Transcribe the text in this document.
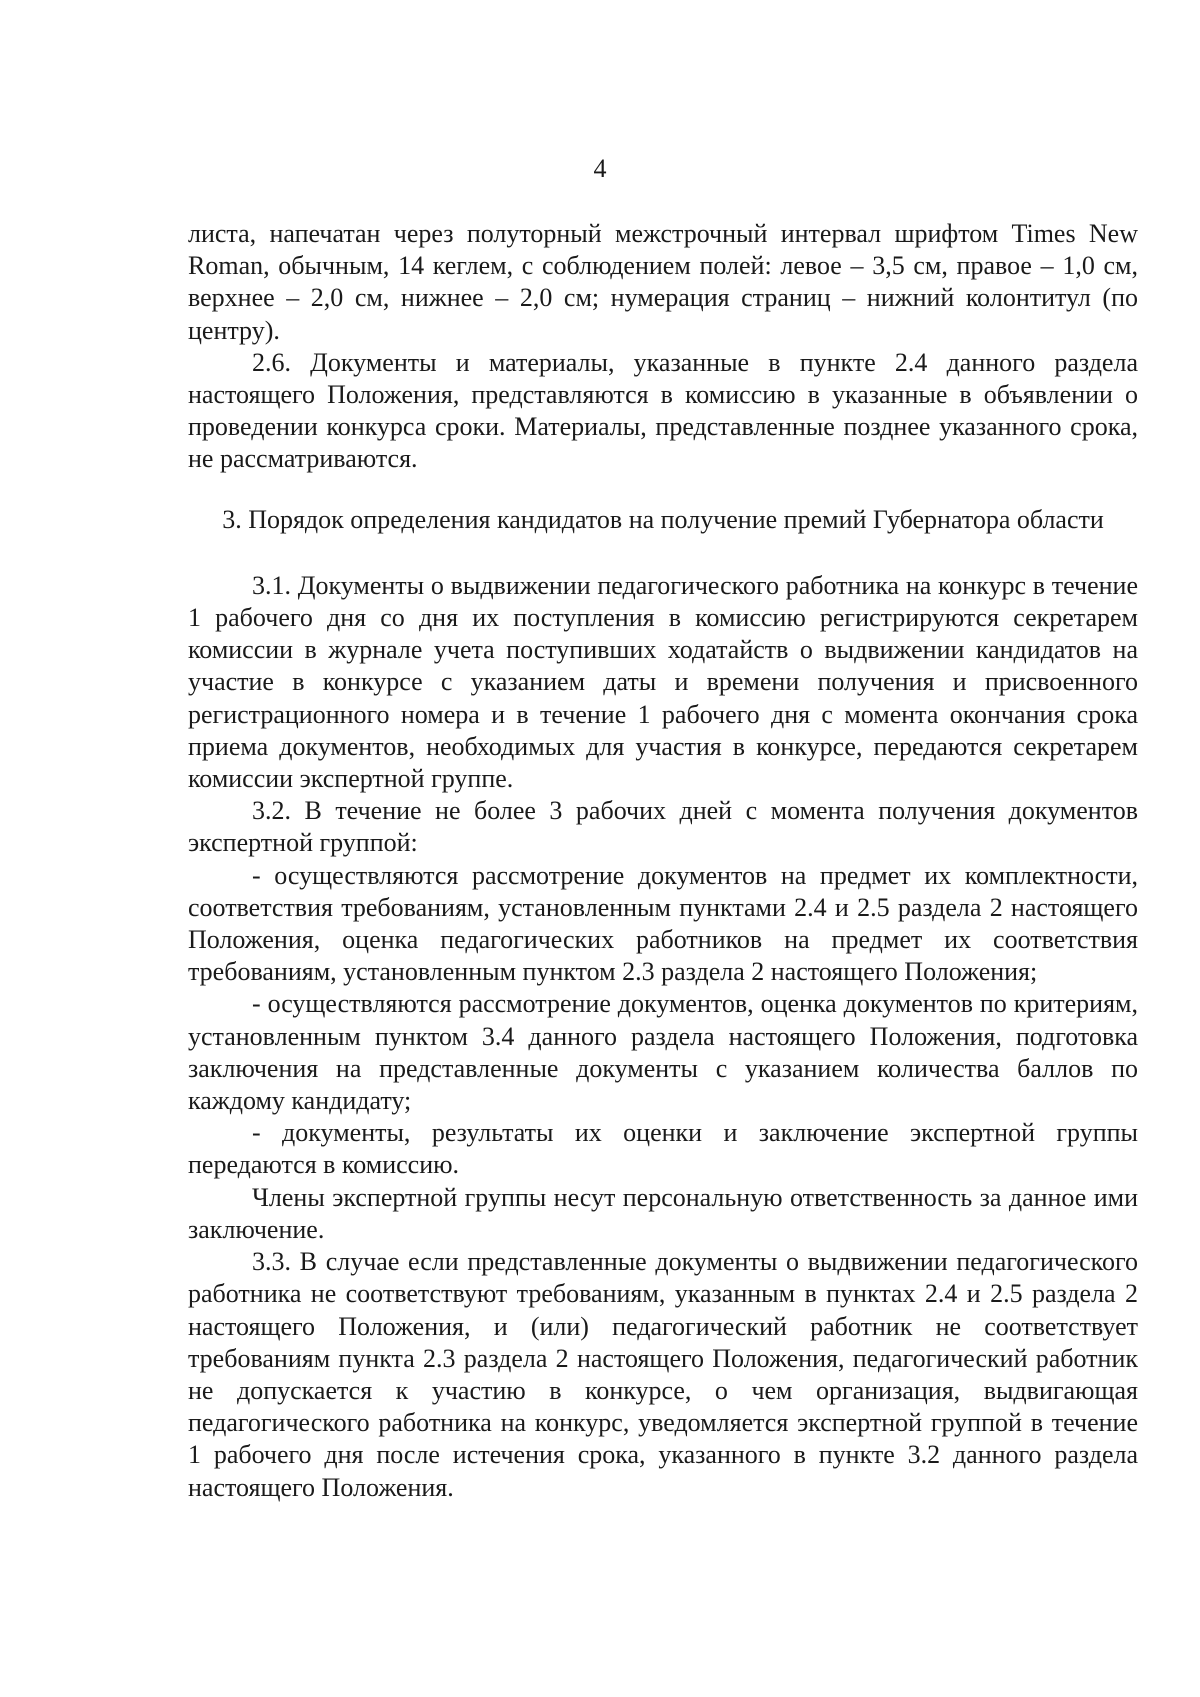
4

листа, напечатан через полуторный межстрочный интервал шрифтом Times New Roman, обычным, 14 кеглем, с соблюдением полей: левое – 3,5 см, правое – 1,0 см, верхнее – 2,0 см, нижнее – 2,0 см; нумерация страниц – нижний колонтитул (по центру).

2.6. Документы и материалы, указанные в пункте 2.4 данного раздела настоящего Положения, представляются в комиссию в указанные в объявлении о проведении конкурса сроки. Материалы, представленные позднее указанного срока, не рассматриваются.

3. Порядок определения кандидатов на получение премий Губернатора области

3.1. Документы о выдвижении педагогического работника на конкурс в течение 1 рабочего дня со дня их поступления в комиссию регистрируются секретарем комиссии в журнале учета поступивших ходатайств о выдвижении кандидатов на участие в конкурсе с указанием даты и времени получения и присвоенного регистрационного номера и в течение 1 рабочего дня с момента окончания срока приема документов, необходимых для участия в конкурсе, передаются секретарем комиссии экспертной группе.

3.2. В течение не более 3 рабочих дней с момента получения документов экспертной группой:

- осуществляются рассмотрение документов на предмет их комплектности, соответствия требованиям, установленным пунктами 2.4 и 2.5 раздела 2 настоящего Положения, оценка педагогических работников на предмет их соответствия требованиям, установленным пунктом 2.3 раздела 2 настоящего Положения;

- осуществляются рассмотрение документов, оценка документов по критериям, установленным пунктом 3.4 данного раздела настоящего Положения, подготовка заключения на представленные документы с указанием количества баллов по каждому кандидату;

- документы, результаты их оценки и заключение экспертной группы передаются в комиссию.

Члены экспертной группы несут персональную ответственность за данное ими заключение.

3.3. В случае если представленные документы о выдвижении педагогического работника не соответствуют требованиям, указанным в пунктах 2.4 и 2.5 раздела 2 настоящего Положения, и (или) педагогический работник не соответствует требованиям пункта 2.3 раздела 2 настоящего Положения, педагогический работник не допускается к участию в конкурсе, о чем организация, выдвигающая педагогического работника на конкурс, уведомляется экспертной группой в течение 1 рабочего дня после истечения срока, указанного в пункте 3.2 данного раздела настоящего Положения.
